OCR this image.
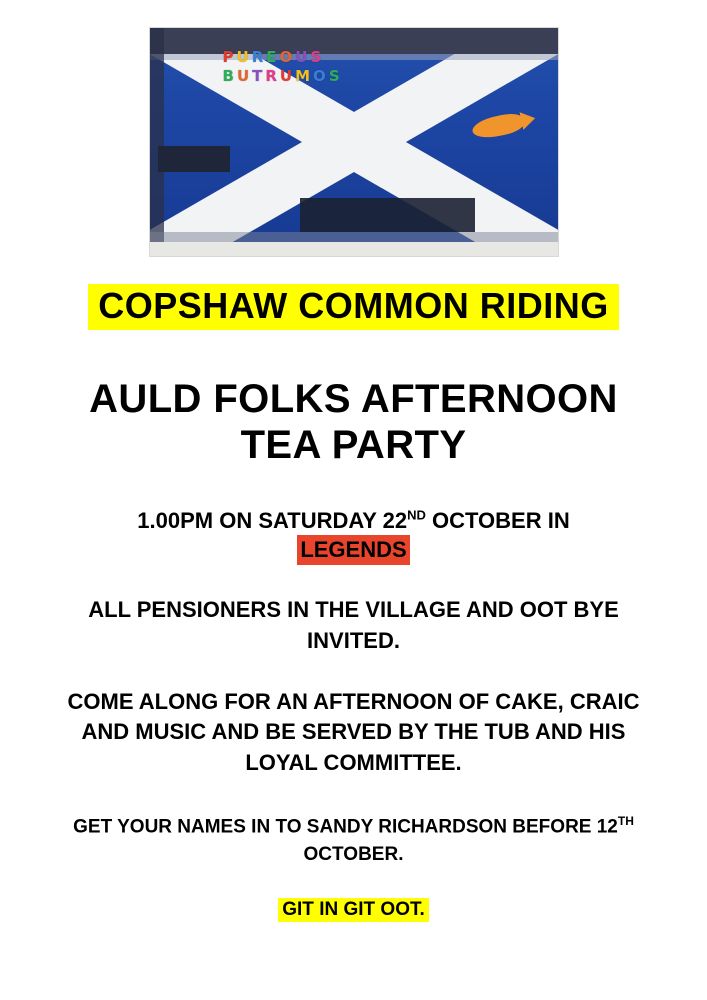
P U R E O U S
B U T R U M O S
COPSHAW COMMON RIDING
AULD FOLKS AFTERNOON
TEA PARTY
1.00PM ON SATURDAY 22ND OCTOBER IN
LEGENDS
ALL PENSIONERS IN THE VILLAGE AND OOT BYE INVITED.
COME ALONG FOR AN AFTERNOON OF CAKE, CRAIC AND MUSIC AND BE SERVED BY THE TUB AND HIS LOYAL COMMITTEE.
GET YOUR NAMES IN TO SANDY RICHARDSON BEFORE 12TH OCTOBER.
GIT IN GIT OOT.
